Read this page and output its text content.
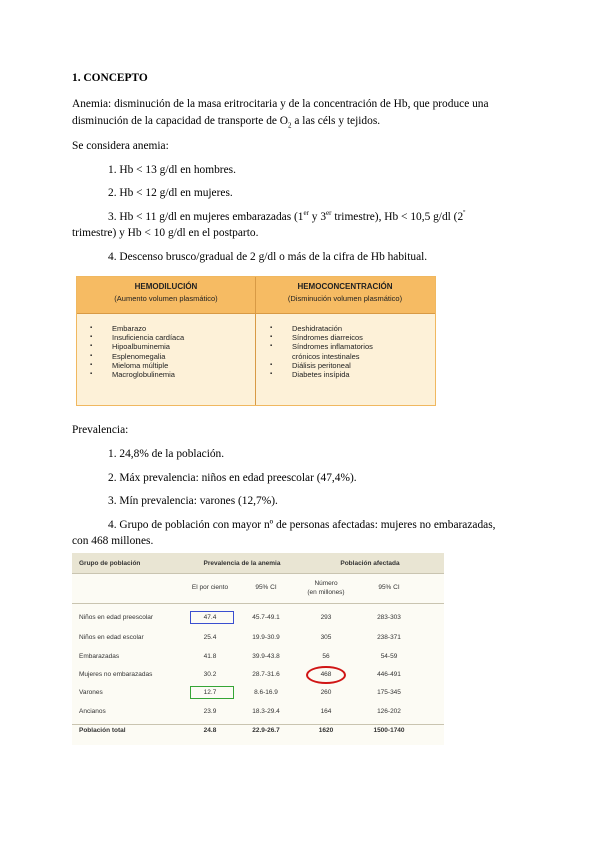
1. CONCEPTO
Anemia: disminución de la masa eritrocitaria y de la concentración de Hb, que produce una
disminución de la capacidad de transporte de $O_2$ a las céls y tejidos.
Se considera anemia:
1. Hb < 13 g/dl en hombres.
2. Hb < 12 g/dl en mujeres.
3. Hb < 11 g/dl en mujeres embarazadas (1er y 3er trimestre), Hb < 10,5 g/dl ($2^º$
trimestre) y Hb < 10 g/dl en el postparto.
4. Descenso brusco/gradual de 2 g/dl o más de la cifra de Hb habitual.
HEMODILUCIÓN
(Aumento volumen plasmático)
HEMOCONCENTRACIÓN
(Disminución volumen plasmático)
▪ Embarazo
▪ Insuficiencia cardíaca
▪ Hipoalbuminemia
▪ Esplenomegalia
▪ Mieloma múltiple
▪ Macroglobulinemia
▪ Deshidratación
▪ Síndromes diarreicos
▪ Síndromes inflamatorios
crónicos intestinales
▪ Diálisis peritoneal
▪ Diabetes insípida
Prevalencia:
1. 24,8% de la población.
2. Máx prevalencia: niños en edad preescolar (47,4%).
3. Mín prevalencia: varones (12,7%).
4. Grupo de población con mayor nº de personas afectadas: mujeres no embarazadas,
con 468 millones.
Grupo de población	Prevalencia de la anemia	Población afectada
El por ciento	95% CI
Número
(en millones)
95% CI
Niños en edad preescolar	47.4	45.7-49.1	293	283-303
Niños en edad escolar	25.4	19.9-30.9	305	238-371
Embarazadas	41.8	39.9-43.8	56	54-59
Mujeres no embarazadas	30.2	28.7-31.6	468	446-491
Varones	12.7	8.6-16.9	260	175-345
Ancianos	23.9	18.3-29.4	164	126-202
Población total	24.8	22.9-26.7	1620	1500-1740
